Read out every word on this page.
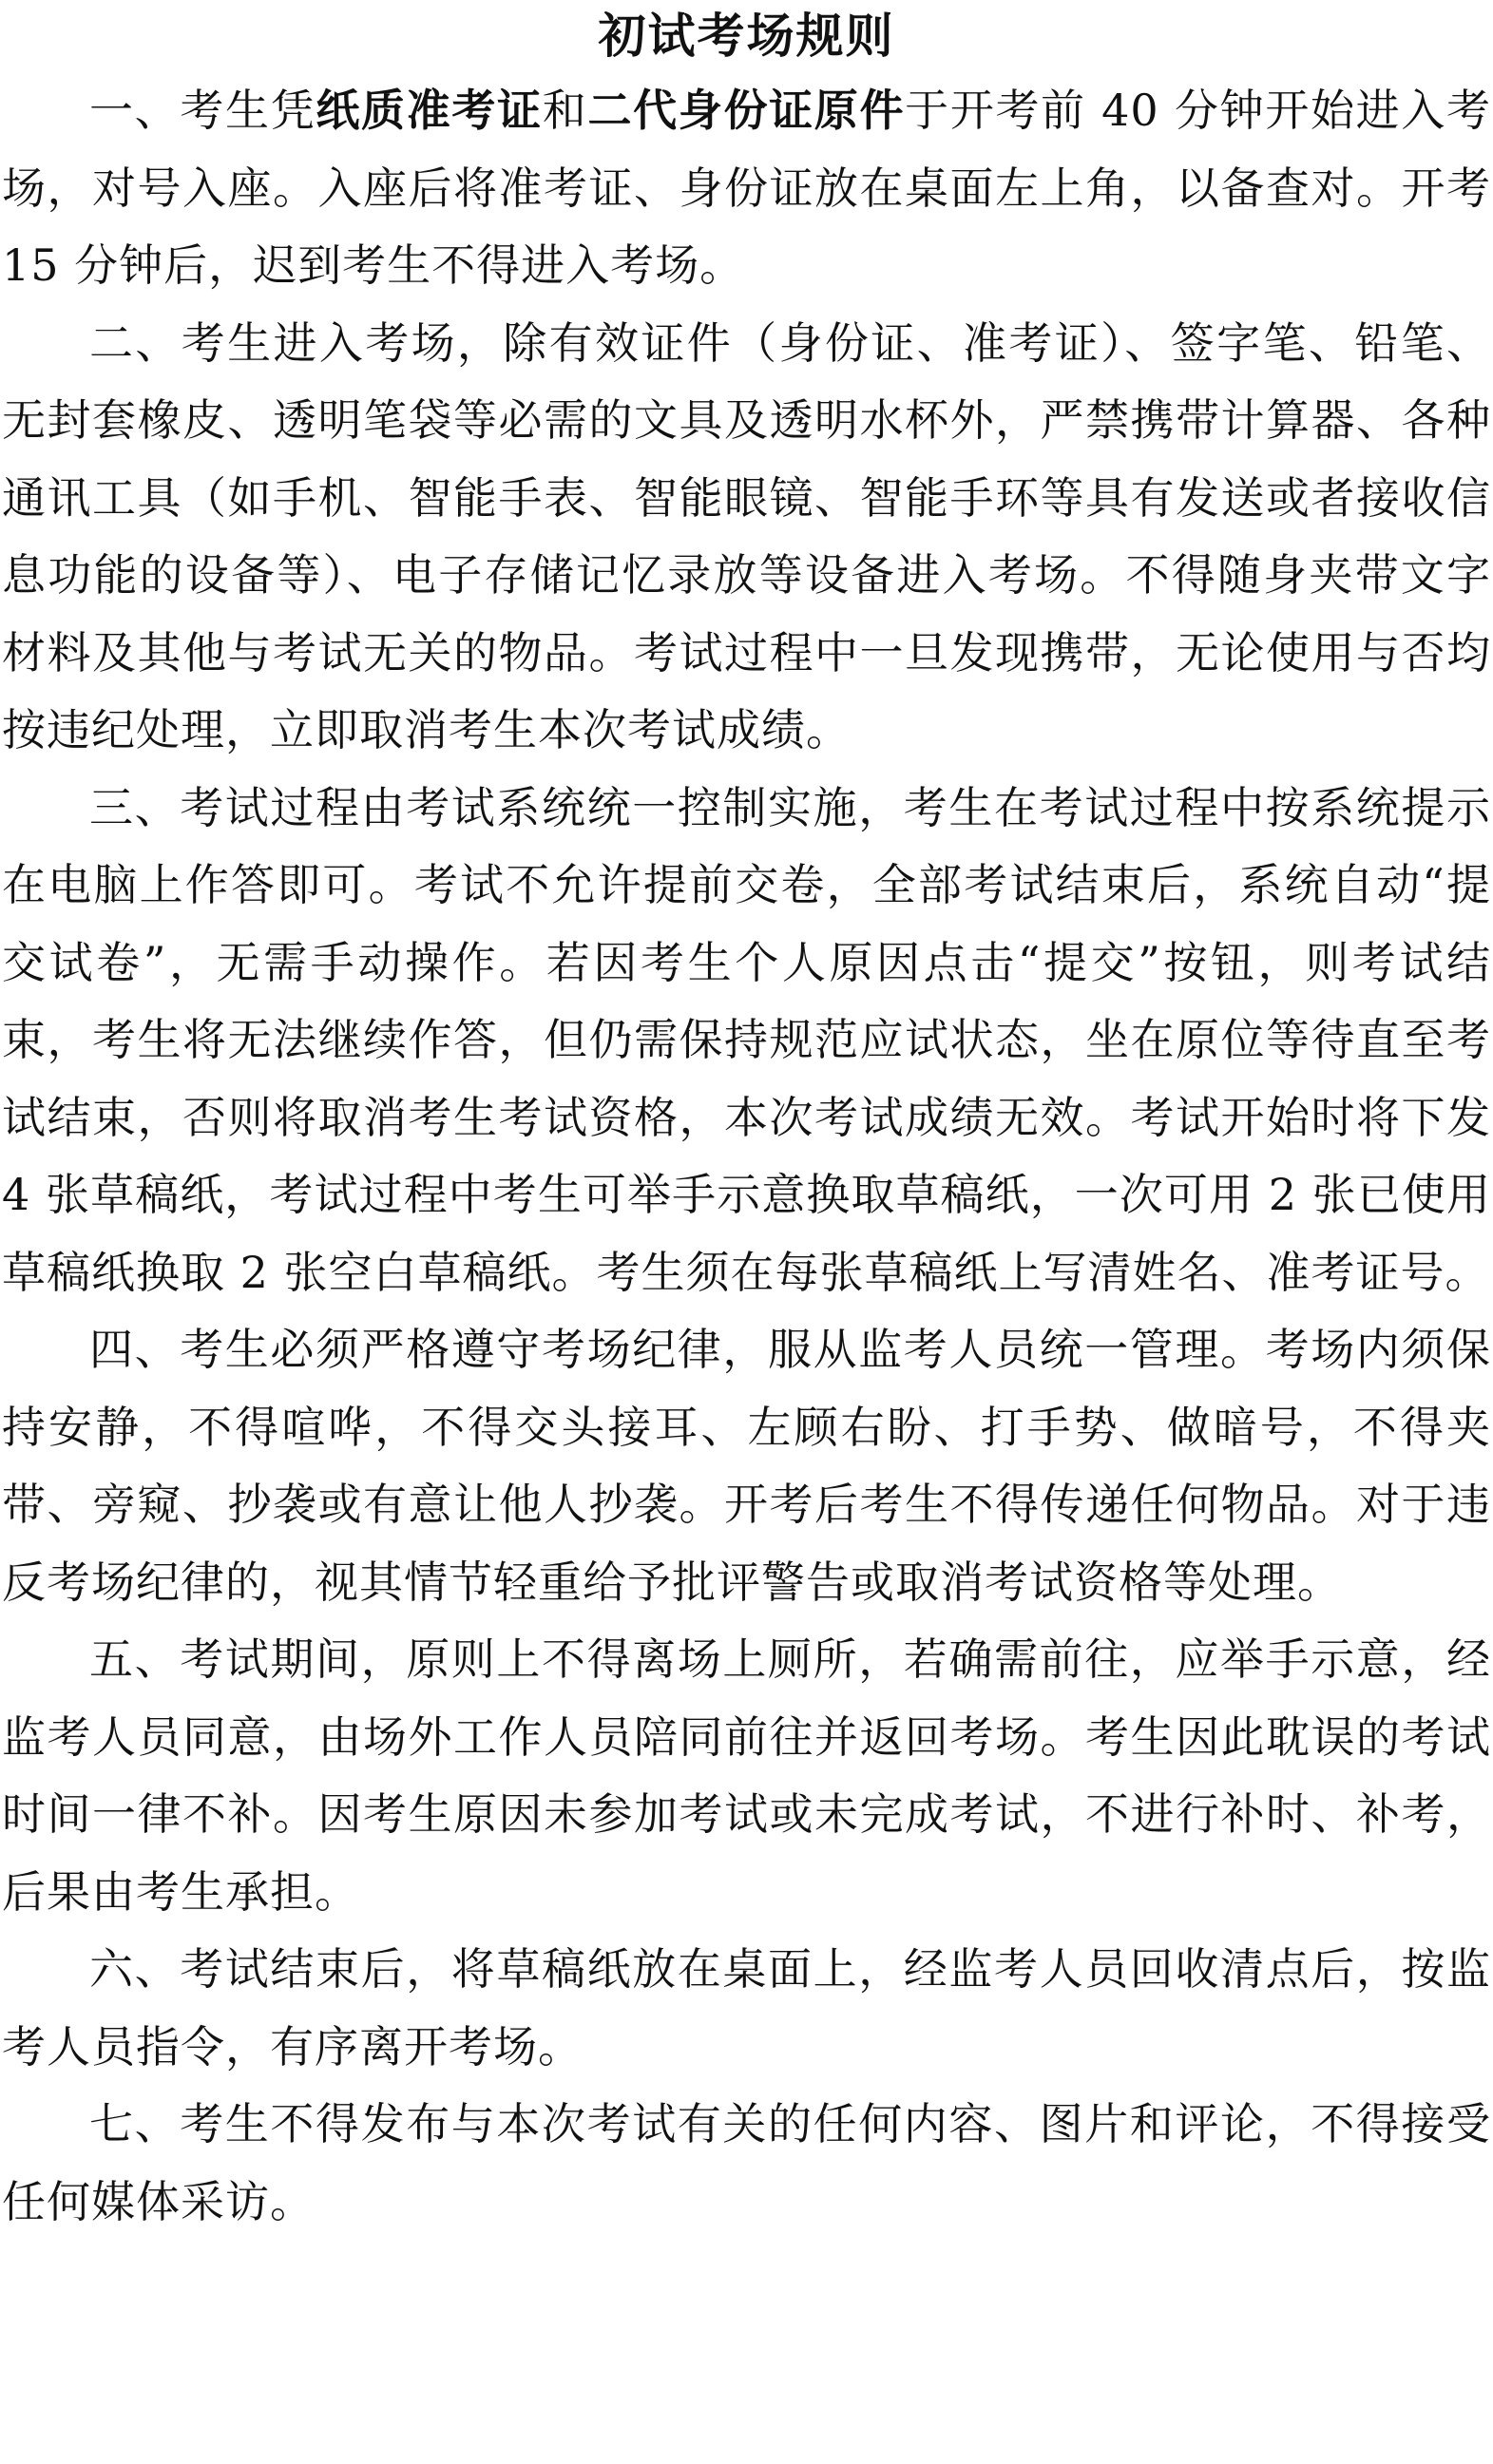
初试考场规则

一、考生凭纸质准考证和二代身份证原件于开考前 40 分钟开始进入考场，对号入座。入座后将准考证、身份证放在桌面左上角，以备查对。开考 15 分钟后，迟到考生不得进入考场。

二、考生进入考场，除有效证件（身份证、准考证）、签字笔、铅笔、无封套橡皮、透明笔袋等必需的文具及透明水杯外，严禁携带计算器、各种通讯工具（如手机、智能手表、智能眼镜、智能手环等具有发送或者接收信息功能的设备等）、电子存储记忆录放等设备进入考场。不得随身夹带文字材料及其他与考试无关的物品。考试过程中一旦发现携带，无论使用与否均按违纪处理，立即取消考生本次考试成绩。

三、考试过程由考试系统统一控制实施，考生在考试过程中按系统提示在电脑上作答即可。考试不允许提前交卷，全部考试结束后，系统自动“提交试卷”，无需手动操作。若因考生个人原因点击“提交”按钮，则考试结束，考生将无法继续作答，但仍需保持规范应试状态，坐在原位等待直至考试结束，否则将取消考生考试资格，本次考试成绩无效。考试开始时将下发 4 张草稿纸，考试过程中考生可举手示意换取草稿纸，一次可用 2 张已使用草稿纸换取 2 张空白草稿纸。考生须在每张草稿纸上写清姓名、准考证号。

四、考生必须严格遵守考场纪律，服从监考人员统一管理。考场内须保持安静，不得喧哗，不得交头接耳、左顾右盼、打手势、做暗号，不得夹带、旁窥、抄袭或有意让他人抄袭。开考后考生不得传递任何物品。对于违反考场纪律的，视其情节轻重给予批评警告或取消考试资格等处理。

五、考试期间，原则上不得离场上厕所，若确需前往，应举手示意，经监考人员同意，由场外工作人员陪同前往并返回考场。考生因此耽误的考试时间一律不补。因考生原因未参加考试或未完成考试，不进行补时、补考，后果由考生承担。

六、考试结束后，将草稿纸放在桌面上，经监考人员回收清点后，按监考人员指令，有序离开考场。

七、考生不得发布与本次考试有关的任何内容、图片和评论，不得接受任何媒体采访。
